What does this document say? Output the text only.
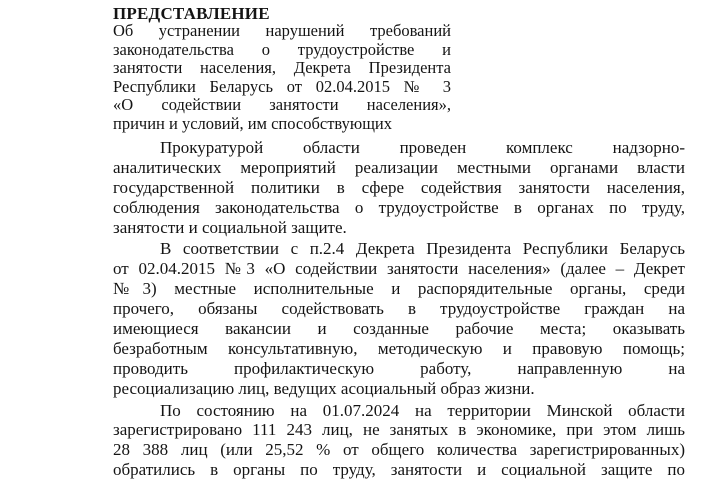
ПРЕДСТАВЛЕНИЕ
Об устранении нарушений требований
законодательства о трудоустройстве и
занятости населения, Декрета Президента
Республики Беларусь от 02.04.2015 № 3
«О содействии занятости населения»,
причин и условий, им способствующих
Прокуратурой области проведен комплекс надзорно-
аналитических мероприятий реализации местными органами власти
государственной политики в сфере содействия занятости населения,
соблюдения законодательства о трудоустройстве в органах по труду,
занятости и социальной защите.
В соответствии с п.2.4 Декрета Президента Республики Беларусь
от 02.04.2015 №3 «О содействии занятости населения» (далее – Декрет
№3) местные исполнительные и распорядительные органы, среди
прочего, обязаны содействовать в трудоустройстве граждан на
имеющиеся вакансии и созданные рабочие места; оказывать
безработным консультативную, методическую и правовую помощь;
проводить профилактическую работу, направленную на
ресоциализацию лиц, ведущих асоциальный образ жизни.
По состоянию на 01.07.2024 на территории Минской области
зарегистрировано 111 243 лиц, не занятых в экономике, при этом лишь
28 388 лиц (или 25,52 % от общего количества зарегистрированных)
обратились в органы по труду, занятости и социальной защите по
